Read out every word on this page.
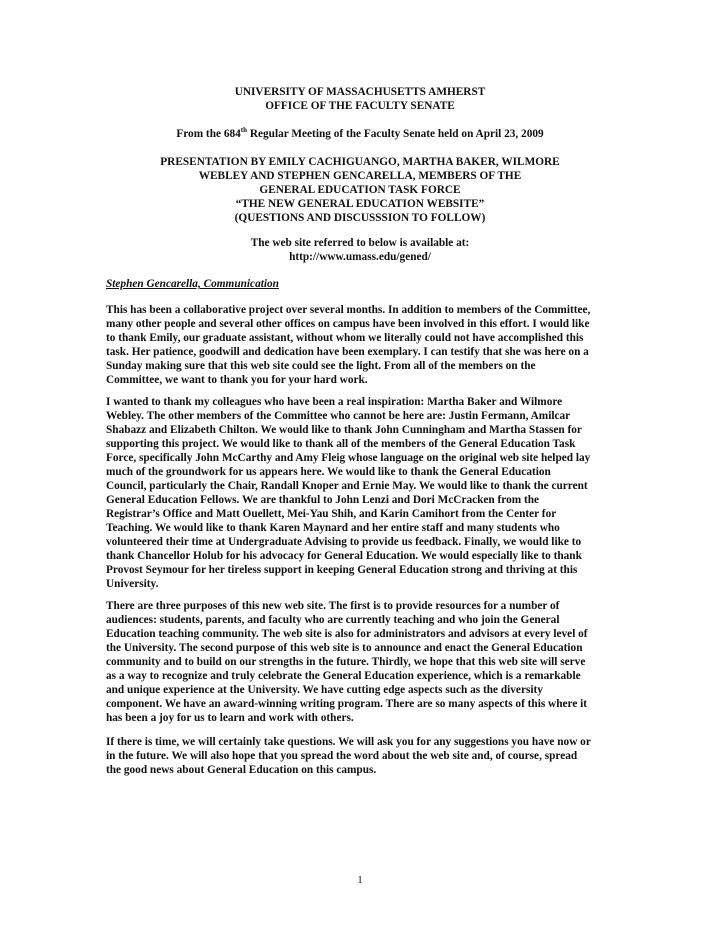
UNIVERSITY OF MASSACHUSETTS AMHERST
OFFICE OF THE FACULTY SENATE
From the 684th Regular Meeting of the Faculty Senate held on April 23, 2009
PRESENTATION BY EMILY CACHIGUANGO, MARTHA BAKER, WILMORE
WEBLEY AND STEPHEN GENCARELLA, MEMBERS OF THE
GENERAL EDUCATION TASK FORCE
“THE NEW GENERAL EDUCATION WEBSITE”
(QUESTIONS AND DISCUSSSION TO FOLLOW)
The web site referred to below is available at:
http://www.umass.edu/gened/
Stephen Gencarella, Communication
This has been a collaborative project over several months. In addition to members of the Committee,
many other people and several other offices on campus have been involved in this effort. I would like
to thank Emily, our graduate assistant, without whom we literally could not have accomplished this
task. Her patience, goodwill and dedication have been exemplary. I can testify that she was here on a
Sunday making sure that this web site could see the light. From all of the members on the
Committee, we want to thank you for your hard work.
I wanted to thank my colleagues who have been a real inspiration: Martha Baker and Wilmore
Webley. The other members of the Committee who cannot be here are: Justin Fermann, Amilcar
Shabazz and Elizabeth Chilton. We would like to thank John Cunningham and Martha Stassen for
supporting this project. We would like to thank all of the members of the General Education Task
Force, specifically John McCarthy and Amy Fleig whose language on the original web site helped lay
much of the groundwork for us appears here. We would like to thank the General Education
Council, particularly the Chair, Randall Knoper and Ernie May. We would like to thank the current
General Education Fellows. We are thankful to John Lenzi and Dori McCracken from the
Registrar’s Office and Matt Ouellett, Mei-Yau Shih, and Karin Camihort from the Center for
Teaching. We would like to thank Karen Maynard and her entire staff and many students who
volunteered their time at Undergraduate Advising to provide us feedback. Finally, we would like to
thank Chancellor Holub for his advocacy for General Education. We would especially like to thank
Provost Seymour for her tireless support in keeping General Education strong and thriving at this
University.
There are three purposes of this new web site. The first is to provide resources for a number of
audiences: students, parents, and faculty who are currently teaching and who join the General
Education teaching community. The web site is also for administrators and advisors at every level of
the University. The second purpose of this web site is to announce and enact the General Education
community and to build on our strengths in the future. Thirdly, we hope that this web site will serve
as a way to recognize and truly celebrate the General Education experience, which is a remarkable
and unique experience at the University. We have cutting edge aspects such as the diversity
component. We have an award-winning writing program. There are so many aspects of this where it
has been a joy for us to learn and work with others.
If there is time, we will certainly take questions. We will ask you for any suggestions you have now or
in the future. We will also hope that you spread the word about the web site and, of course, spread
the good news about General Education on this campus.
1
